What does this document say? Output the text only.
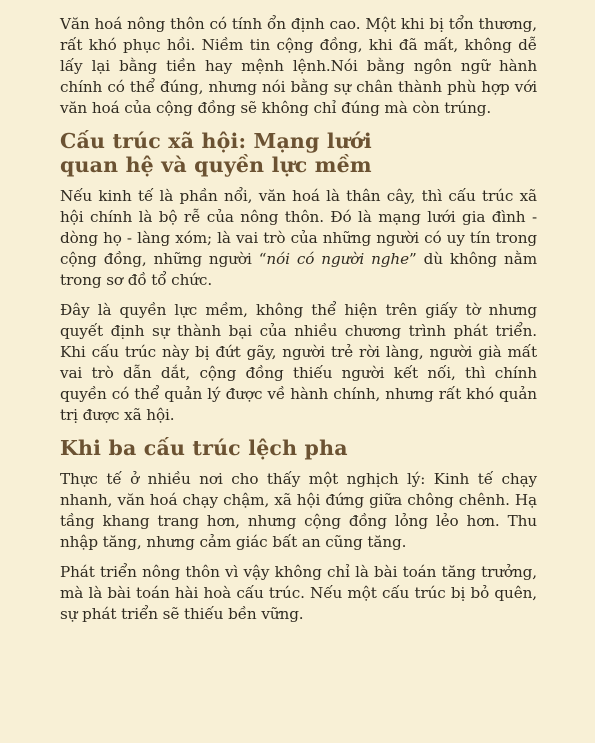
Văn hoá nông thôn có tính ổn định cao. Một khi bị tổn thương, rất khó phục hồi. Niềm tin cộng đồng, khi đã mất, không dễ lấy lại bằng tiền hay mệnh lệnh.Nói bằng ngôn ngữ hành chính có thể đúng, nhưng nói bằng sự chân thành phù hợp với văn hoá của cộng đồng sẽ không chỉ đúng mà còn trúng.

Cấu trúc xã hội: Mạng lưới quan hệ và quyền lực mềm

Nếu kinh tế là phần nổi, văn hoá là thân cây, thì cấu trúc xã hội chính là bộ rễ của nông thôn. Đó là mạng lưới gia đình - dòng họ - làng xóm; là vai trò của những người có uy tín trong cộng đồng, những người “nói có người nghe” dù không nằm trong sơ đồ tổ chức.

Đây là quyền lực mềm, không thể hiện trên giấy tờ nhưng quyết định sự thành bại của nhiều chương trình phát triển. Khi cấu trúc này bị đứt gãy, người trẻ rời làng, người già mất vai trò dẫn dắt, cộng đồng thiếu người kết nối, thì chính quyền có thể quản lý được về hành chính, nhưng rất khó quản trị được xã hội.

Khi ba cấu trúc lệch pha

Thực tế ở nhiều nơi cho thấy một nghịch lý: Kinh tế chạy nhanh, văn hoá chạy chậm, xã hội đứng giữa chông chênh. Hạ tầng khang trang hơn, nhưng cộng đồng lỏng lẻo hơn. Thu nhập tăng, nhưng cảm giác bất an cũng tăng.

Phát triển nông thôn vì vậy không chỉ là bài toán tăng trưởng, mà là bài toán hài hoà cấu trúc. Nếu một cấu trúc bị bỏ quên, sự phát triển sẽ thiếu bền vững.
